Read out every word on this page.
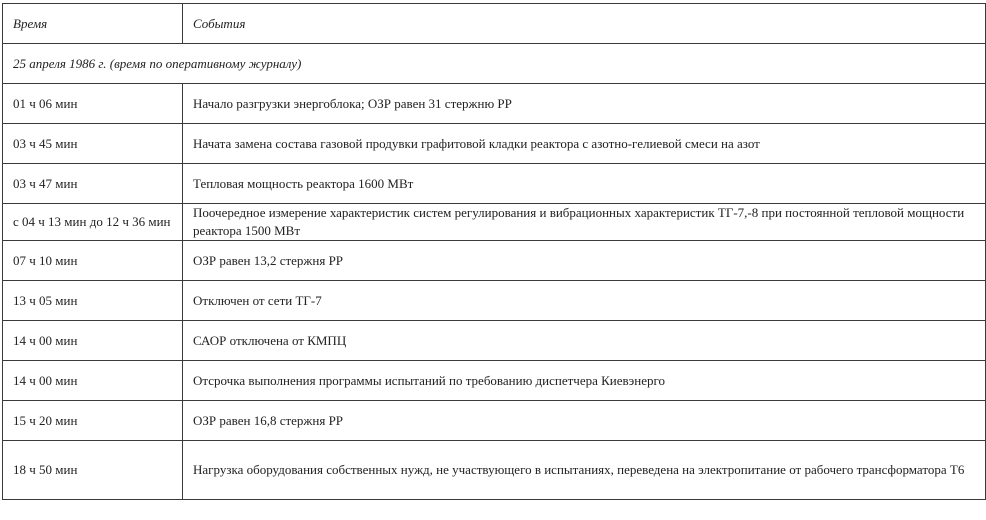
Время	События
25 апреля 1986 г. (время по оперативному журналу)	
01 ч 06 мин	Начало разгрузки энергоблока; ОЗР равен 31 стержню РР
03 ч 45 мин	Начата замена состава газовой продувки графитовой кладки реактора с азотно-гелиевой смеси на азот
03 ч 47 мин	Тепловая мощность реактора 1600 МВт
с 04 ч 13 мин до 12 ч 36 мин	Поочередное измерение характеристик систем регулирования и вибрационных характеристик ТГ-7,-8 при постоянной тепловой мощности реактора 1500 МВт
07 ч 10 мин	ОЗР равен 13,2 стержня РР
13 ч 05 мин	Отключен от сети ТГ-7
14 ч 00 мин	САОР отключена от КМПЦ
14 ч 00 мин	Отсрочка выполнения программы испытаний по требованию диспетчера Киевэнерго
15 ч 20 мин	ОЗР равен 16,8 стержня РР
18 ч 50 мин	Нагрузка оборудования собственных нужд, не участвующего в испытаниях, переведена на электропитание от рабочего трансформатора Т6
